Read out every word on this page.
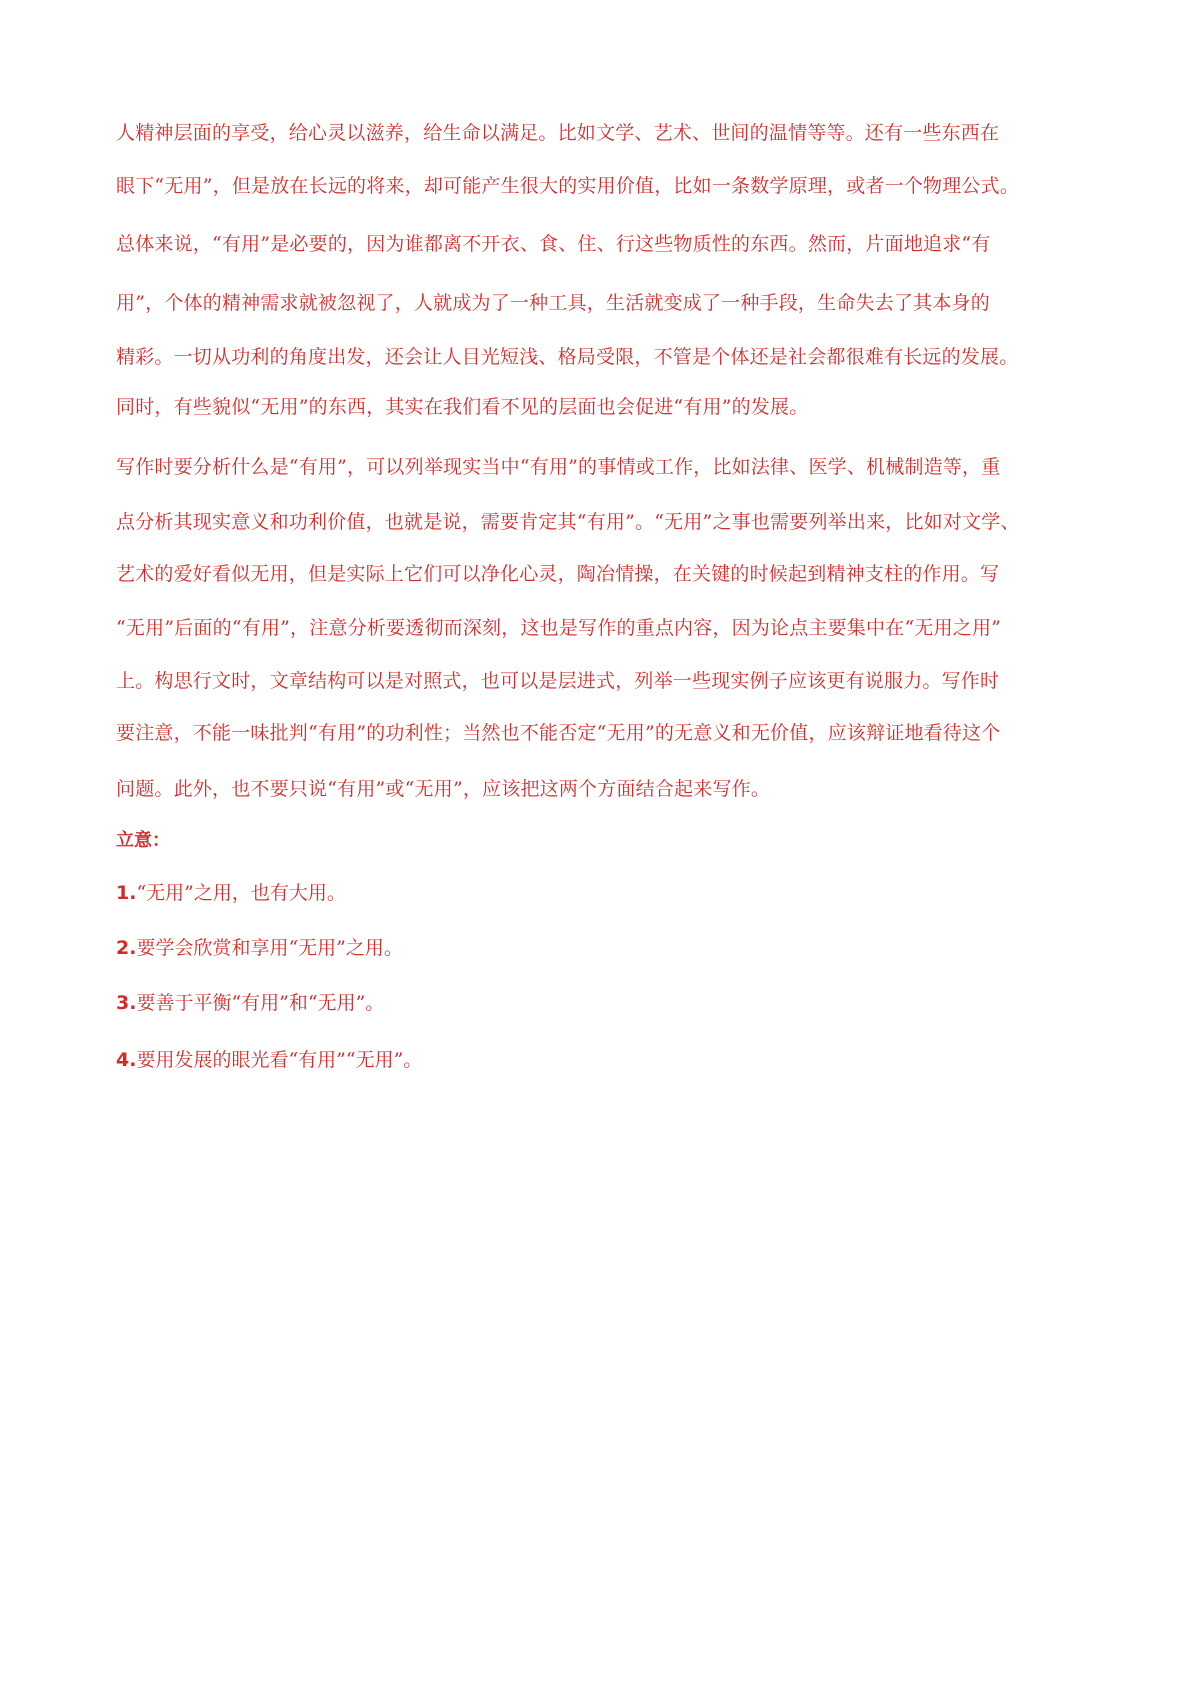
人精神层面的享受，给心灵以滋养，给生命以满足。比如文学、艺术、世间的温情等等。还有一些东西在
眼下“无用”，但是放在长远的将来，却可能产生很大的实用价值，比如一条数学原理，或者一个物理公式。
总体来说，“有用”是必要的，因为谁都离不开衣、食、住、行这些物质性的东西。然而，片面地追求“有
用”，个体的精神需求就被忽视了，人就成为了一种工具，生活就变成了一种手段，生命失去了其本身的
精彩。一切从功利的角度出发，还会让人目光短浅、格局受限，不管是个体还是社会都很难有长远的发展。
同时，有些貌似“无用”的东西，其实在我们看不见的层面也会促进“有用”的发展。
写作时要分析什么是“有用”，可以列举现实当中“有用”的事情或工作，比如法律、医学、机械制造等，重
点分析其现实意义和功利价值，也就是说，需要肯定其“有用”。“无用”之事也需要列举出来，比如对文学、
艺术的爱好看似无用，但是实际上它们可以净化心灵，陶冶情操，在关键的时候起到精神支柱的作用。写
“无用”后面的“有用”，注意分析要透彻而深刻，这也是写作的重点内容，因为论点主要集中在“无用之用”
上。构思行文时，文章结构可以是对照式，也可以是层进式，列举一些现实例子应该更有说服力。写作时
要注意，不能一味批判“有用”的功利性；当然也不能否定“无用”的无意义和无价值，应该辩证地看待这个
问题。此外，也不要只说“有用”或“无用”，应该把这两个方面结合起来写作。
立意：
1.“无用”之用，也有大用。
2.要学会欣赏和享用“无用”之用。
3.要善于平衡“有用”和“无用”。
4.要用发展的眼光看“有用”“无用”。
